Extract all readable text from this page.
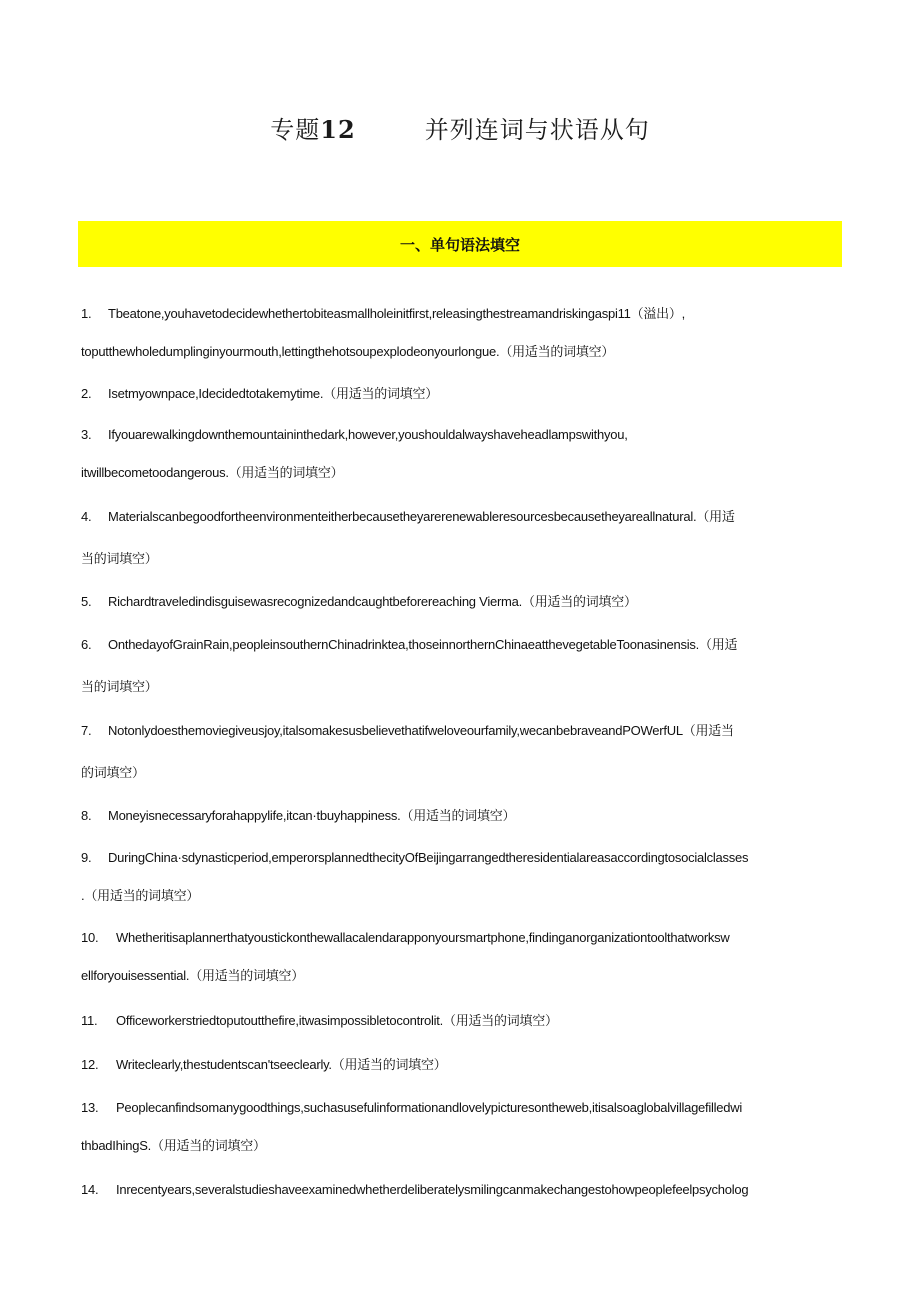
专题12	并列连词与状语从句
一、单句语法填空
1. Tbeatone,youhavetodecidewhethertobiteasmallholeinitfirst,releasingthestreamandriskingaspi11（溢出）,
toputthewholedumplinginyourmouth,lettingthehotsoupexplodeonyourlongue.（用适当的词填空）
2. Isetmyownpace,Idecidedtotakemytime.（用适当的词填空）
3. Ifyouarewalkingdownthemountaininthedark,however,youshouldalwayshaveheadlampswithyou,
itwillbecometoodangerous.（用适当的词填空）
4. Materialscanbegoodfortheenvironmenteitherbecausetheyarerenewableresourcesbecausetheyareallnatural.（用适
当的词填空）
5. Richardtraveledindisguisewasrecognizedandcaughtbeforereaching Vierma.（用适当的词填空）
6. OnthedayofGrainRain,peopleinsouthernChinadrinktea,thoseinnorthernChinaeatthevegetableToonasinensis.（用适
当的词填空）
7. Notonlydoesthemoviegiveusjoy,italsomakesusbelievethatifweloveourfamily,wecanbebraveandPOWerfUL（用适当
的词填空）
8. Moneyisnecessaryforahappylife,itcan·tbuyhappiness.（用适当的词填空）
9. DuringChina·sdynasticperiod,emperorsplannedthecityOfBeijingarrangedtheresidentialareasaccordingtosocialclasses
.（用适当的词填空）
10. Whetheritisaplannerthatyoustickonthewallacalendarapponyoursmartphone,findinganorganizationtoolthatworksw
ellforyouisessential.（用适当的词填空）
11. Officeworkerstriedtoputoutthefire,itwasimpossibletocontrolit.（用适当的词填空）
12. Writeclearly,thestudentscan'tseeclearly.（用适当的词填空）
13. Peoplecanfindsomanygoodthings,suchasusefulinformationandlovelypicturesontheweb,itisalsoaglobalvillagefilledwi
thbadIhingS.（用适当的词填空）
14. Inrecentyears,severalstudieshaveexaminedwhetherdeliberatelysmilingcanmakechangestohowpeoplefeelpsycholog
